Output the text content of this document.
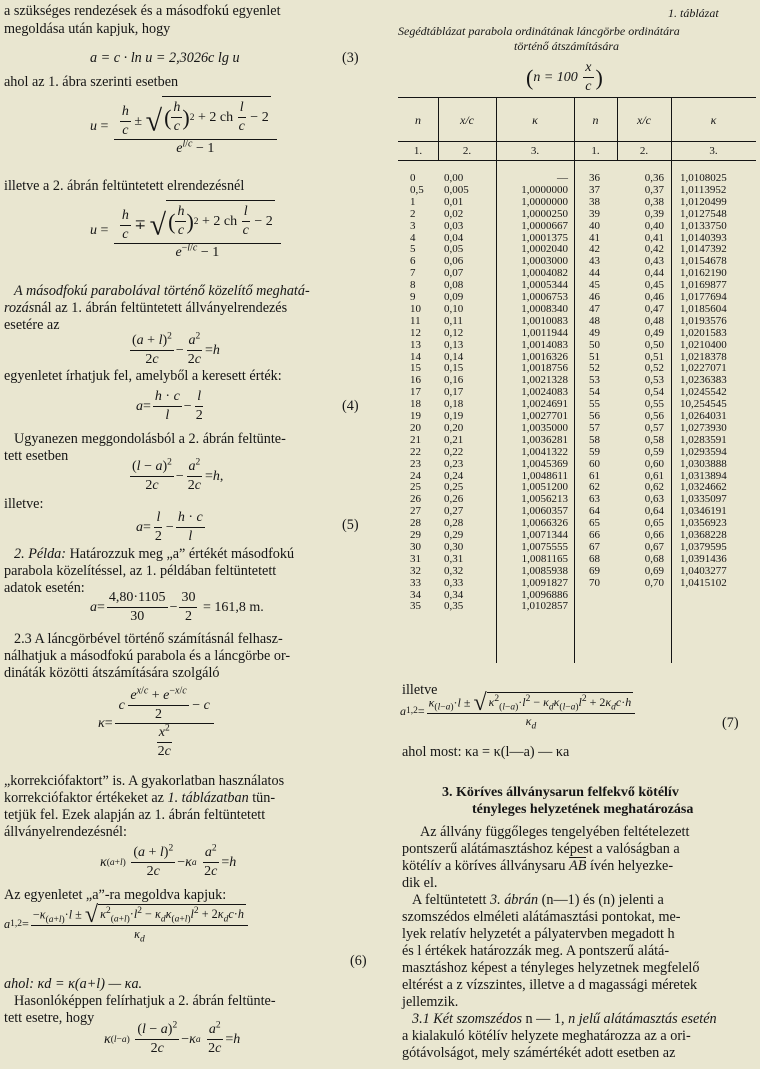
a szükséges rendezések és a másodfokú egyenlet
megoldása után kapjuk, hogy
a = c · ln u = 2,3026c lg u	(3)
ahol az 1. ábra szerinti esetben
$u = \frac{\frac{h}{c} \pm √ ( \frac{h}{c} ) 2 + 2 ch \frac{l}{c} - 2}{e^{l/c} - 1}$
illetve a 2. ábrán feltüntetett elrendezésnél
$u = \frac{\frac{h}{c} \mp √ ( \frac{h}{c} ) 2 + 2 ch \frac{l}{c} - 2}{e^{-l/c} - 1}$
A másodfokú parabolával történő közelítő meghatá-
rozásnál az 1. ábrán feltüntetett állványelrendezés
esetére az
$\frac{(a + l)^2}{2c} - \frac{a^2}{2c} = h$
egyenletet írhatjuk fel, amelyből a keresett érték:
$a = \frac{h \cdot c}{l} - \frac{l}{2}$	(4)
Ugyanezen meggondolásból a 2. ábrán feltünte-
tett esetben
$\frac{(l - a)^2}{2c} - \frac{a^2}{2c} = h$ ,
illetve:
$a = \frac{l}{2} - \frac{h \cdot c}{l}$	(5)
2. Példa: Határozzuk meg „a” értékét másodfokú
parabola közelítéssel, az 1. példában feltüntetett
adatok esetén:
$a = \frac{4,80\cdot 1105}{30} - \frac{30}{2}$
= 161,8 m.
2.3 A láncgörbével történő számításnál felhasz-
nálhatjuk a másodfokú parabola és a láncgörbe or-
dináták közötti átszámítására szolgáló
$\kappa = \frac{c \frac{e^{x/c} + e^{-x/c}}{2} - c}{\frac{x^2}{2c}}$
„korrekciófaktort” is. A gyakorlatban használatos
korrekciófaktor értékeket az 1. táblázatban tün-
tetjük fel. Ezek alapján az 1. ábrán feltüntetett
állványelrendezésnél:
κ (a+l)
$\frac{(a + l)^2}{2c} - \kappa$ a
$\frac{a^2}{2c} = h$
Az egyenletet „a”-ra megoldva kapjuk:
a $1,2 = \frac{-\kappa_{(a+l)}\cdot l \pm √ \kappa^2_{(a+l)}\cdot l^2 - \kappa_d\kappa_{(a+l)}l^2 + 2\kappa_dc\cdot h}{\kappa_d}$
(6)
ahol: κd = κ(a+l) — κa.
Hasonlóképpen felírhatjuk a 2. ábrán feltünte-
tett esetre, hogy
κ (l−a)
$\frac{(l - a)^2}{2c} - \kappa$ a
$\frac{a^2}{2c} = h$
1. táblázat
Segédtáblázat parabola ordinátának láncgörbe ordinátára
történő átszámítására
( n = 100
$\frac{x}{c}$ )
n	x/c	κ	n	x/c	κ
1.	2.	3.	1.	2.	3.
0	0,00	—
0,5	0,005	1,0000000
1	0,01	1,0000000
2	0,02	1,0000250
3	0,03	1,0000667
4	0,04	1,0001375
5	0,05	1,0002040
6	0,06	1,0003000
7	0,07	1,0004082
8	0,08	1,0005344
9	0,09	1,0006753
10	0,10	1,0008340
11	0,11	1,0010083
12	0,12	1,0011944
13	0,13	1,0014083
14	0,14	1,0016326
15	0,15	1,0018756
16	0,16	1,0021328
17	0,17	1,0024083
18	0,18	1,0024691
19	0,19	1,0027701
20	0,20	1,0035000
21	0,21	1,0036281
22	0,22	1,0041322
23	0,23	1,0045369
24	0,24	1,0048611
25	0,25	1,0051200
26	0,26	1,0056213
27	0,27	1,0060357
28	0,28	1,0066326
29	0,29	1,0071344
30	0,30	1,0075555
31	0,31	1,0081165
32	0,32	1,0085938
33	0,33	1,0091827
34	0,34	1,0096886
35	0,35	1,0102857
36	0,36 1,0108025
37	0,37 1,0113952
38	0,38 1,0120499
39	0,39 1,0127548
40	0,40 1,0133750
41	0,41 1,0140393
42	0,42 1,0147392
43	0,43 1,0154678
44	0,44 1,0162190
45	0,45 1,0169877
46	0,46 1,0177694
47	0,47 1,0185604
48	0,48 1,0193576
49	0,49 1,0201583
50	0,50 1,0210400
51	0,51 1,0218378
52	0,52 1,0227071
53	0,53 1,0236383
54	0,54 1,0245542
55	0,55 10,254545
56	0,56 1,0264031
57	0,57 1,0273930
58	0,58 1,0283591
59	0,59 1,0293594
60	0,60 1,0303888
61	0,61 1,0313894
62	0,62 1,0324662
63	0,63 1,0335097
64	0,64 1,0346191
65	0,65 1,0356923
66	0,66 1,0368228
67	0,67 1,0379595
68	0,68 1,0391436
69	0,69 1,0403277
70	0,70 1,0415102
illetve
a $1,2 = \frac{\kappa_{(l-a)}\cdot l \pm √ \kappa^2_{(l-a)}\cdot l^2 - \kappa_d\kappa_{(l-a)}l^2 + 2\kappa_dc\cdot h}{\kappa_d}$	(7)
ahol most: κa = κ(l—a) — κa
3. Köríves állványsarun felfekvő kötélív
tényleges helyzetének meghatározása
Az állvány függőleges tengelyében feltételezett
pontszerű alátámasztáshoz képest a valóságban a
kötélív a köríves állványsaru AB ívén helyezke-
dik el.
A feltüntetett 3. ábrán (n—1) és (n) jelenti a
szomszédos elméleti alátámasztási pontokat, me-
lyek relatív helyzetét a pályatervben megadott h
és l értékek határozzák meg. A pontszerű alátá-
masztáshoz képest a tényleges helyzetnek megfelelő
eltérést a z vízszintes, illetve a d magassági méretek
jellemzik.
3.1 Két szomszédos n — 1, n jelű alátámasztás esetén
a kialakuló kötélív helyzete meghatározza az a ori-
gótávolságot, mely számértékét adott esetben az
